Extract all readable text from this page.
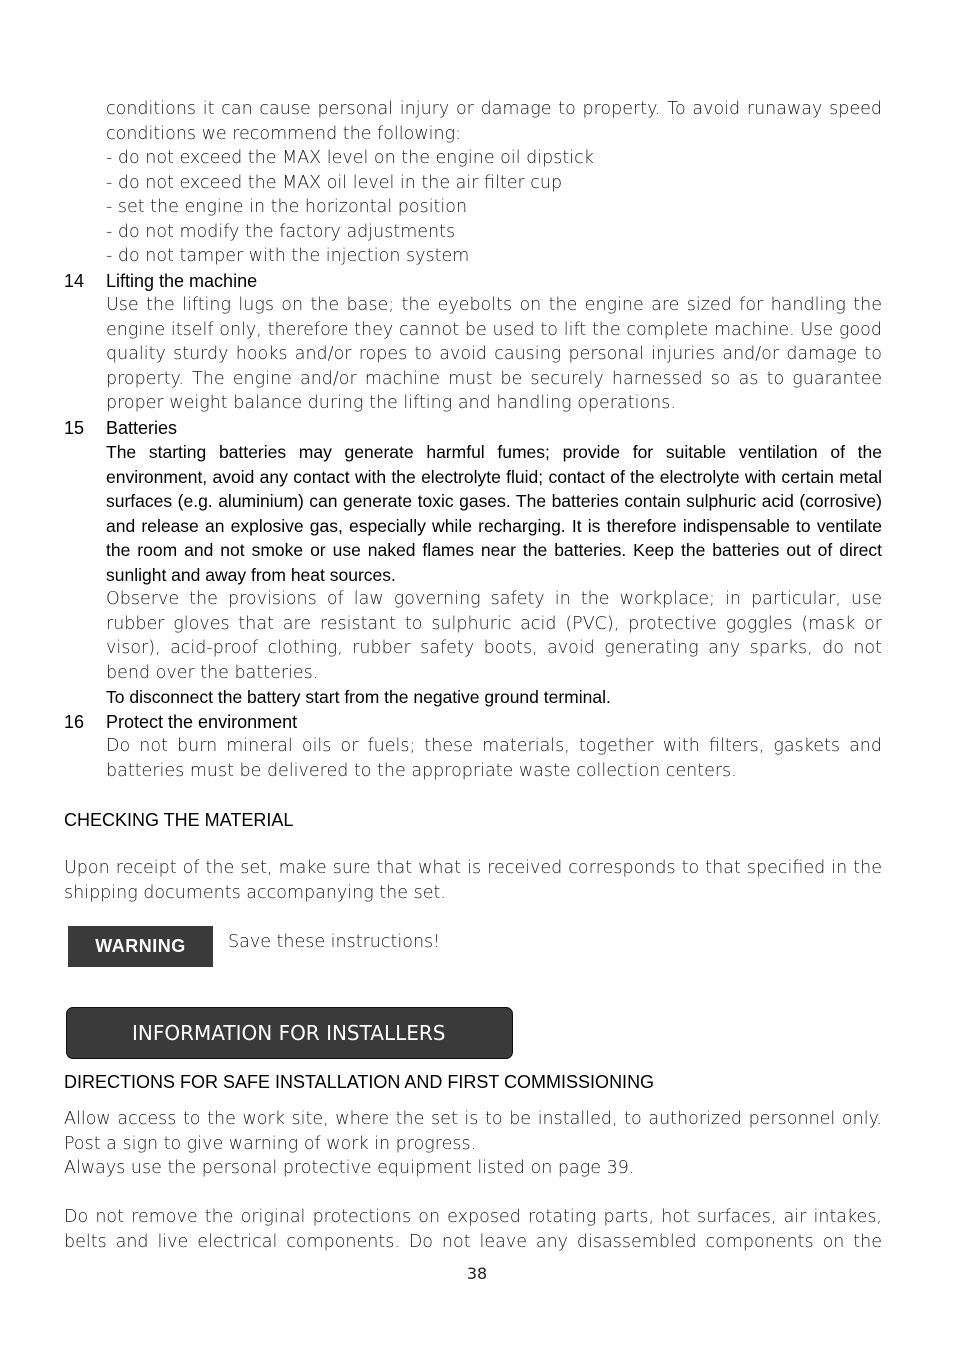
conditions it can cause personal injury or damage to property. To avoid runaway speed conditions we recommend the following:
- do not exceed the MAX level on the engine oil dipstick
- do not exceed the MAX oil level in the air filter cup
- set the engine in the horizontal position
- do not modify the factory adjustments
- do not tamper with the injection system
14 Lifting the machine
Use the lifting lugs on the base; the eyebolts on the engine are sized for handling the engine itself only, therefore they cannot be used to lift the complete machine. Use good quality sturdy hooks and/or ropes to avoid causing personal injuries and/or damage to property. The engine and/or machine must be securely harnessed so as to guarantee proper weight balance during the lifting and handling operations.
15 Batteries
The starting batteries may generate harmful fumes; provide for suitable ventilation of the environment, avoid any contact with the electrolyte fluid; contact of the electrolyte with certain metal surfaces (e.g. aluminium) can generate toxic gases. The batteries contain sulphuric acid (corrosive) and release an explosive gas, especially while recharging. It is therefore indispensable to ventilate the room and not smoke or use naked flames near the batteries. Keep the batteries out of direct sunlight and away from heat sources.
Observe the provisions of law governing safety in the workplace; in particular, use rubber gloves that are resistant to sulphuric acid (PVC), protective goggles (mask or visor), acid-proof clothing, rubber safety boots, avoid generating any sparks, do not bend over the batteries.
To disconnect the battery start from the negative ground terminal.
16 Protect the environment
Do not burn mineral oils or fuels; these materials, together with filters, gaskets and batteries must be delivered to the appropriate waste collection centers.
CHECKING THE MATERIAL
Upon receipt of the set, make sure that what is received corresponds to that specified in the shipping documents accompanying the set.
WARNING	Save these instructions!
INFORMATION FOR INSTALLERS
DIRECTIONS FOR SAFE INSTALLATION AND FIRST COMMISSIONING
Allow access to the work site, where the set is to be installed, to authorized personnel only. Post a sign to give warning of work in progress.
Always use the personal protective equipment listed on page 39.
Do not remove the original protections on exposed rotating parts, hot surfaces, air intakes, belts and live electrical components. Do not leave any disassembled components on the
38
